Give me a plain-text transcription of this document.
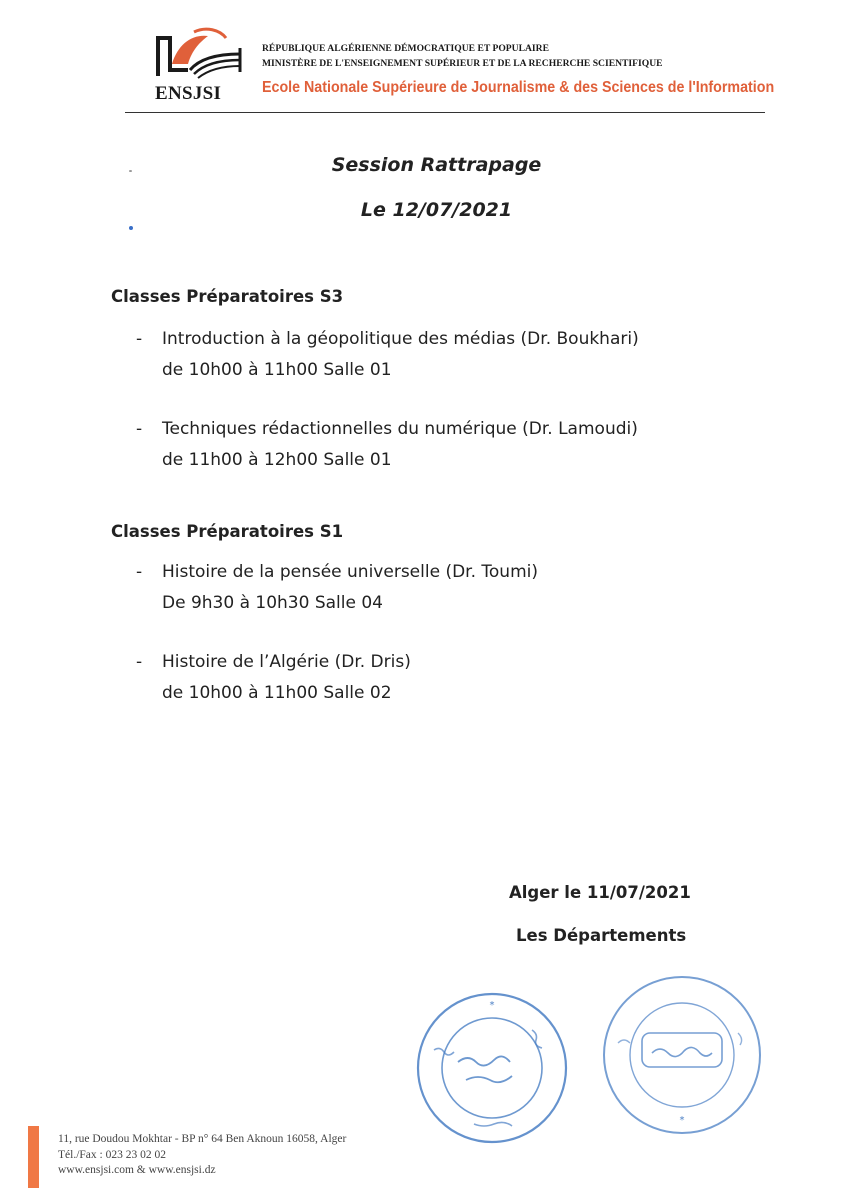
ENSJSI
RÉPUBLIQUE ALGÉRIENNE DÉMOCRATIQUE ET POPULAIRE
MINISTÈRE DE L'ENSEIGNEMENT SUPÉRIEUR ET DE LA RECHERCHE SCIENTIFIQUE
Ecole Nationale Supérieure de Journalisme & des Sciences de l'Information
Session Rattrapage
Le 12/07/2021
Classes Préparatoires S3
- Introduction à la géopolitique des médias (Dr. Boukhari)
de 10h00 à 11h00 Salle 01
- Techniques rédactionnelles du numérique (Dr. Lamoudi)
de 11h00 à 12h00 Salle 01
Classes Préparatoires S1
- Histoire de la pensée universelle (Dr. Toumi)
De 9h30 à 10h30 Salle 04
- Histoire de l’Algérie (Dr. Dris)
de 10h00 à 11h00 Salle 02
Alger le 11/07/2021
Les Départements
*
*
11, rue Doudou Mokhtar - BP n° 64 Ben Aknoun 16058, Alger
Tél./Fax : 023 23 02 02
www.ensjsi.com & www.ensjsi.dz
